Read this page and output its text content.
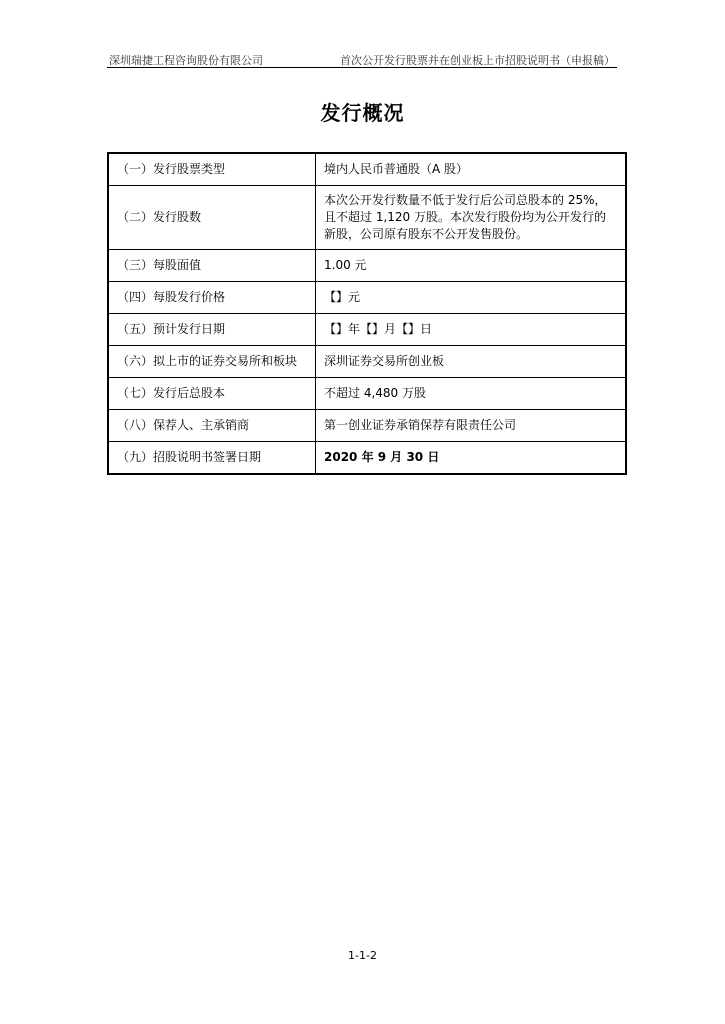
深圳瑞捷工程咨询股份有限公司	首次公开发行股票并在创业板上市招股说明书（申报稿）
发行概况
（一）发行股票类型	境内人民币普通股（A 股）
（二）发行股数	本次公开发行数量不低于发行后公司总股本的 25%，且不超过 1,120 万股。本次发行股份均为公开发行的新股，公司原有股东不公开发售股份。
（三）每股面值	1.00 元
（四）每股发行价格	【】元
（五）预计发行日期	【】年【】月【】日
（六）拟上市的证券交易所和板块	深圳证券交易所创业板
（七）发行后总股本	不超过 4,480 万股
（八）保荐人、主承销商	第一创业证券承销保荐有限责任公司
（九）招股说明书签署日期	2020 年 9 月 30 日
1-1-2
